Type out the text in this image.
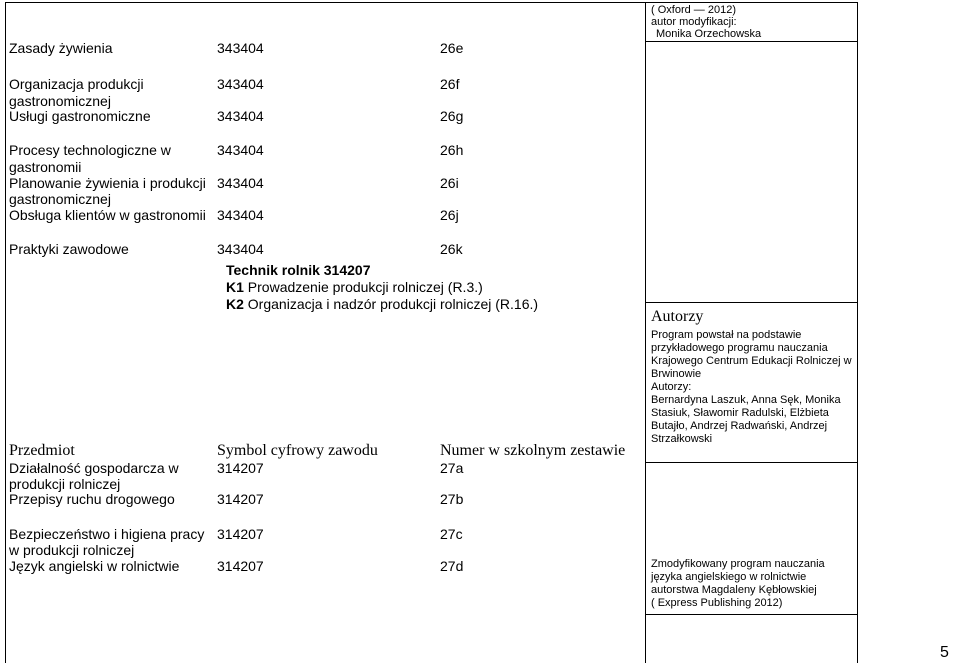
( Oxford — 2012)
autor modyfikacji:
Monika Orzechowska
Zasady żywienia	343404	26e
Organizacja produkcji
gastronomicznej
343404	26f
Usługi gastronomiczne	343404	26g
Procesy technologiczne w
gastronomii
343404	26h
Planowanie żywienia i produkcji
gastronomicznej
343404	26i
Obsługa klientów w gastronomii 343404	26j
Praktyki zawodowe	343404	26k
Technik rolnik 314207
K1 Prowadzenie produkcji rolniczej (R.3.)
K2 Organizacja i nadzór produkcji rolniczej (R.16.)
Autorzy
Program powstał na podstawie
przykładowego programu nauczania
Krajowego Centrum Edukacji Rolniczej w
Brwinowie
Autorzy:
Bernardyna Laszuk, Anna Sęk, Monika
Stasiuk, Sławomir Radulski, Elżbieta
Butajło, Andrzej Radwański, Andrzej
Strzałkowski
Przedmiot	Symbol cyfrowy zawodu	Numer w szkolnym zestawie
Działalność gospodarcza w
produkcji rolniczej
314207	27a
Przepisy ruchu drogowego	314207	27b
Bezpieczeństwo i higiena pracy
w produkcji rolniczej
314207	27c
Język angielski w rolnictwie	314207	27d	Zmodyfikowany program nauczania
języka angielskiego w rolnictwie
autorstwa Magdaleny Kębłowskiej
( Express Publishing 2012)
5
